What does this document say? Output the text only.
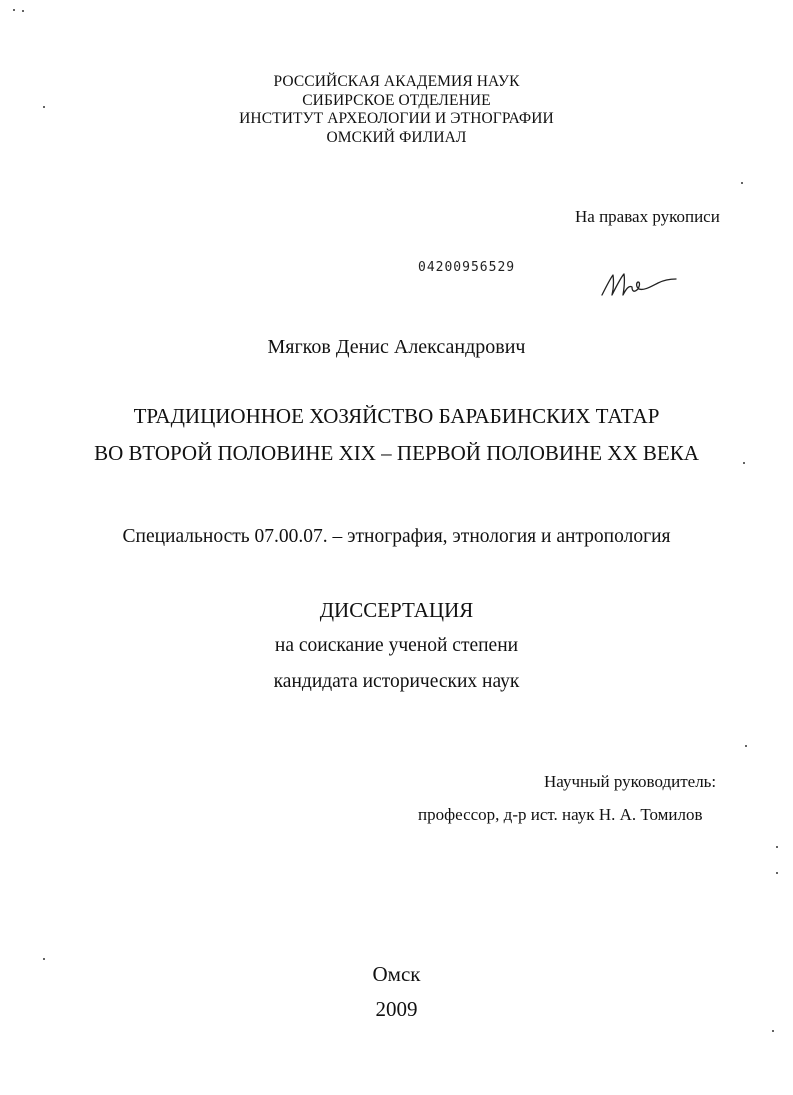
РОССИЙСКАЯ АКАДЕМИЯ НАУК
СИБИРСКОЕ ОТДЕЛЕНИЕ
ИНСТИТУТ АРХЕОЛОГИИ И ЭТНОГРАФИИ
ОМСКИЙ ФИЛИАЛ
На правах рукописи
04200956529
Мягков Денис Александрович
ТРАДИЦИОННОЕ ХОЗЯЙСТВО БАРАБИНСКИХ ТАТАР
ВО ВТОРОЙ ПОЛОВИНЕ XIX – ПЕРВОЙ ПОЛОВИНЕ XX ВЕКА
Специальность 07.00.07. – этнография, этнология и антропология
ДИССЕРТАЦИЯ
на соискание ученой степени
кандидата исторических наук
Научный руководитель:
профессор, д-р ист. наук Н. А. Томилов
Омск
2009
